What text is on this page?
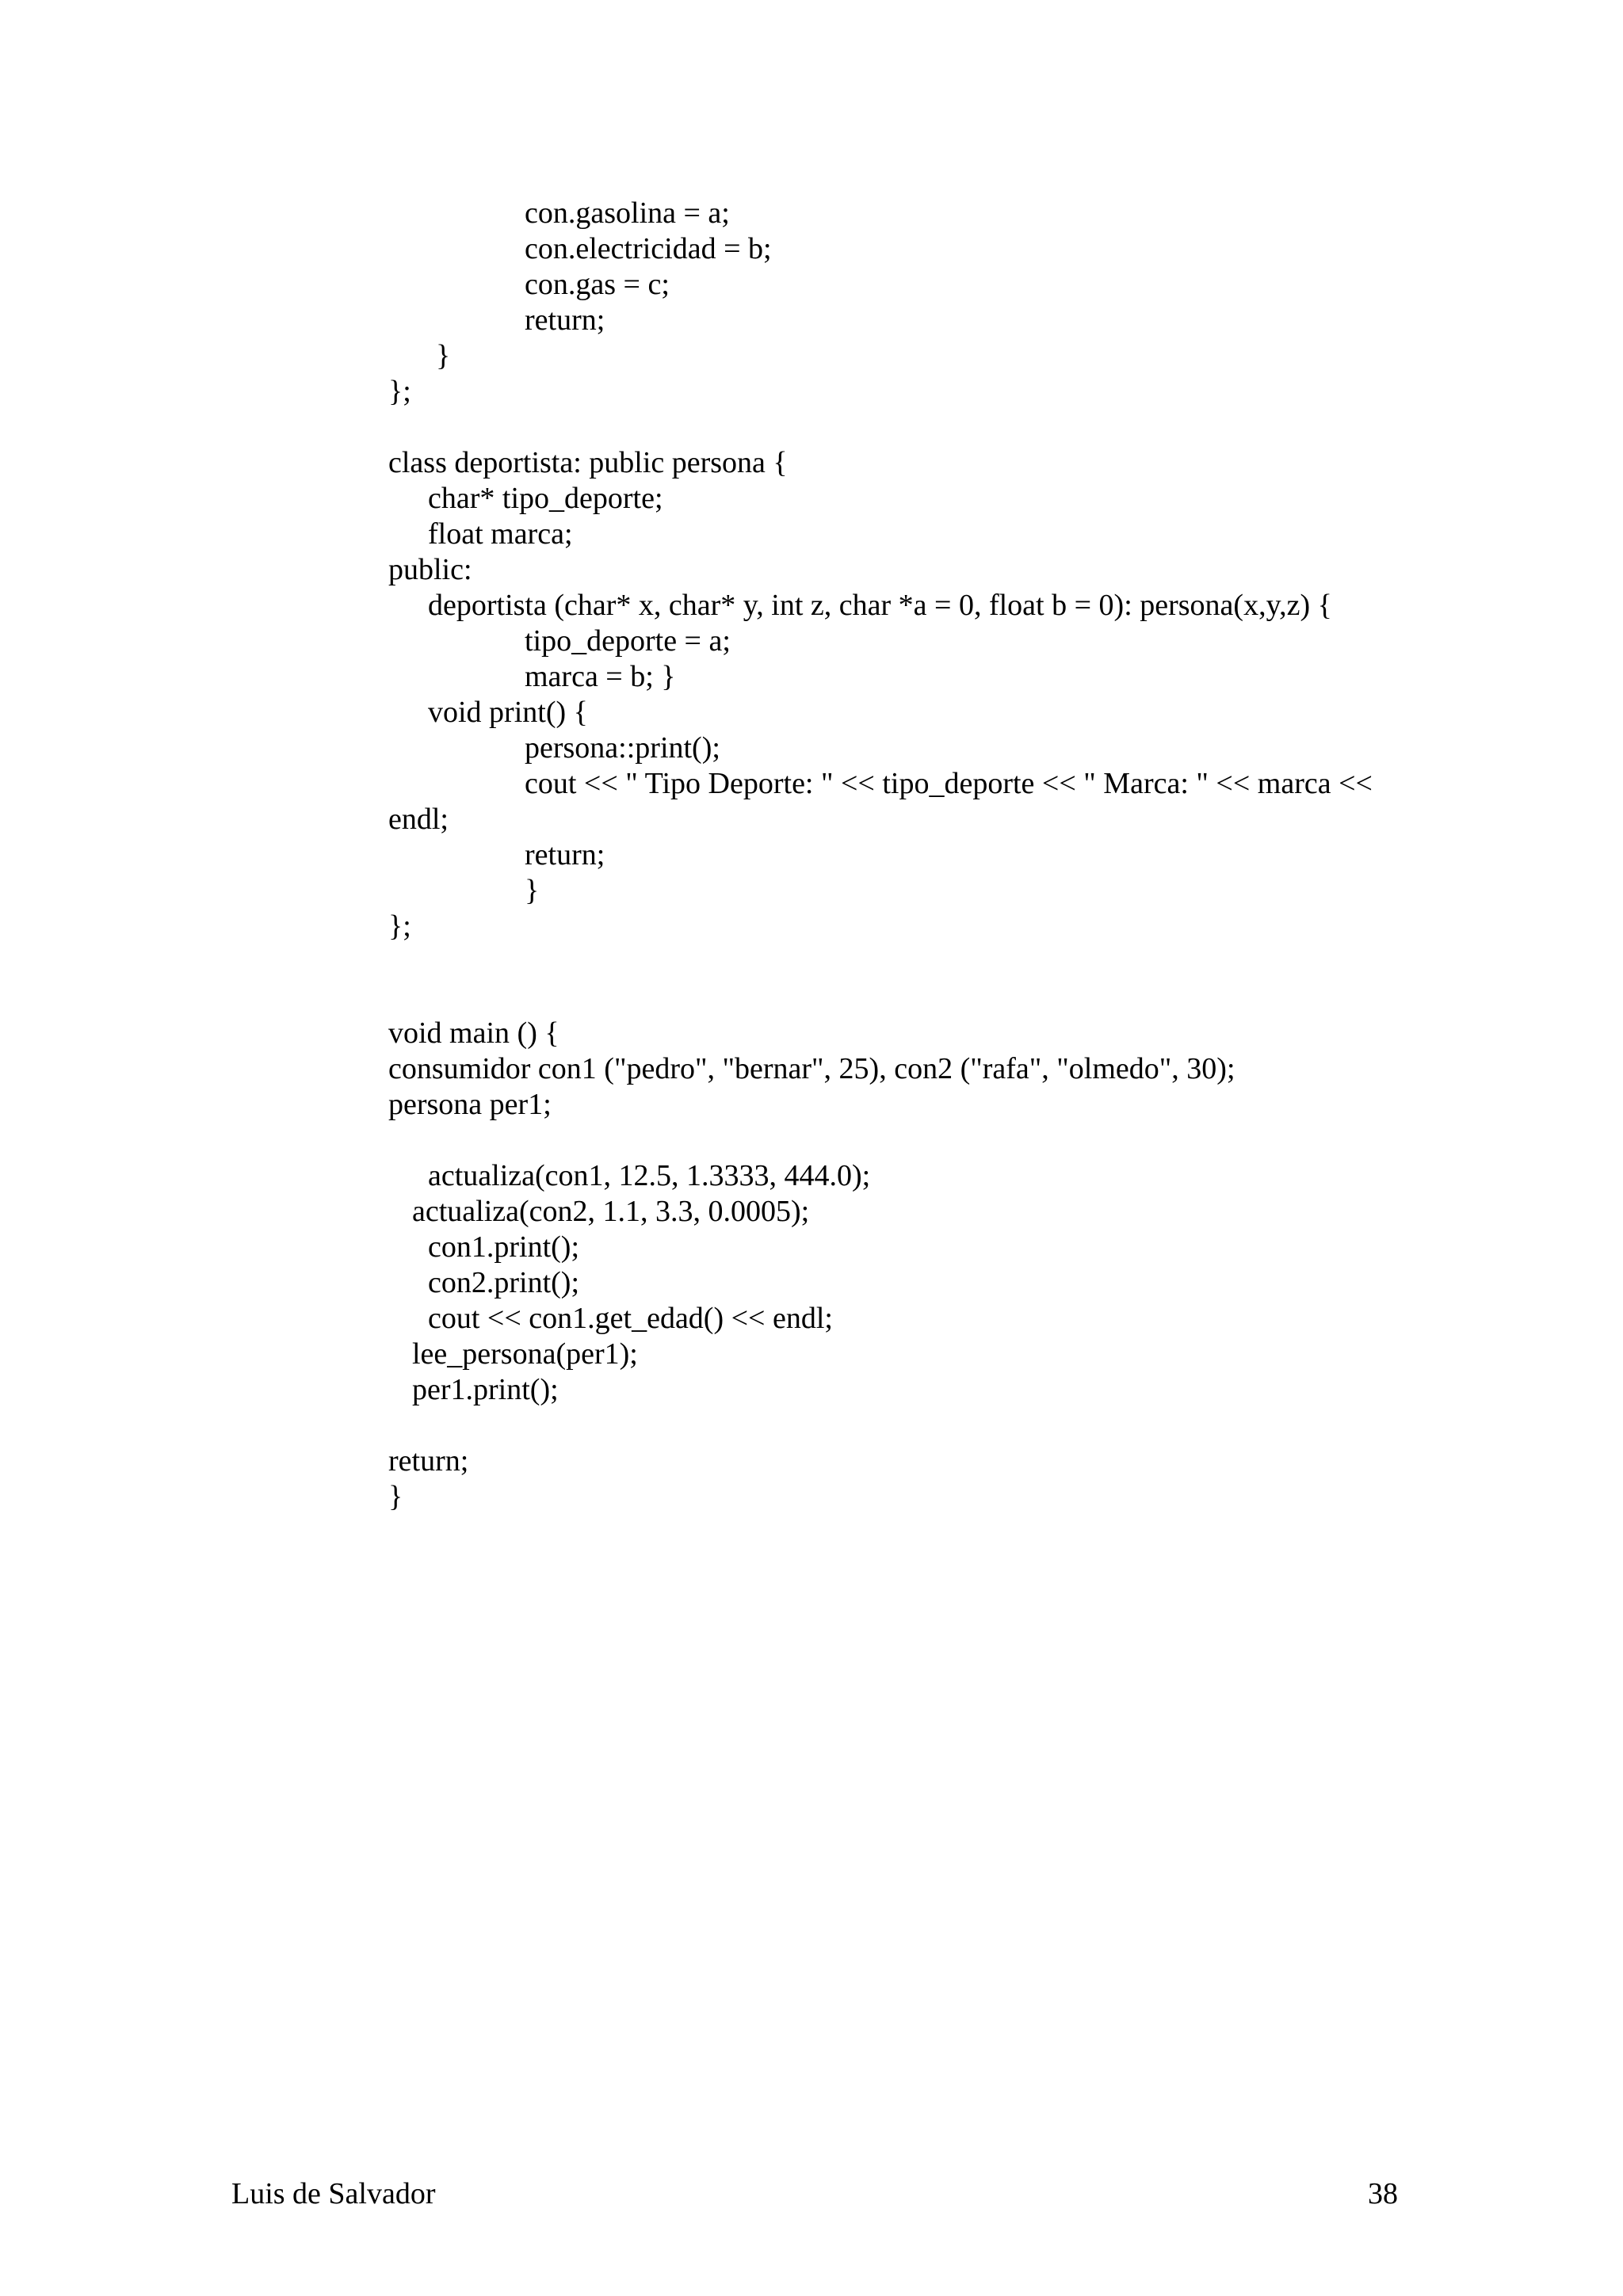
con.gasolina = a;
con.electricidad = b;
con.gas = c;
return;
}
};
class deportista: public persona {
char* tipo_deporte;
float marca;
public:
deportista (char* x, char* y, int z, char *a = 0, float b = 0): persona(x,y,z) {
tipo_deporte = a;
marca = b; }
void print() {
persona::print();
cout << " Tipo Deporte: " << tipo_deporte << " Marca: " << marca <<
endl;
return;
}
};
void main () {
consumidor con1 ("pedro", "bernar", 25), con2 ("rafa", "olmedo", 30);
persona per1;
actualiza(con1, 12.5, 1.3333, 444.0);
actualiza(con2, 1.1, 3.3, 0.0005);
con1.print();
con2.print();
cout << con1.get_edad() << endl;
lee_persona(per1);
per1.print();
return;
}
Luis de Salvador	38
